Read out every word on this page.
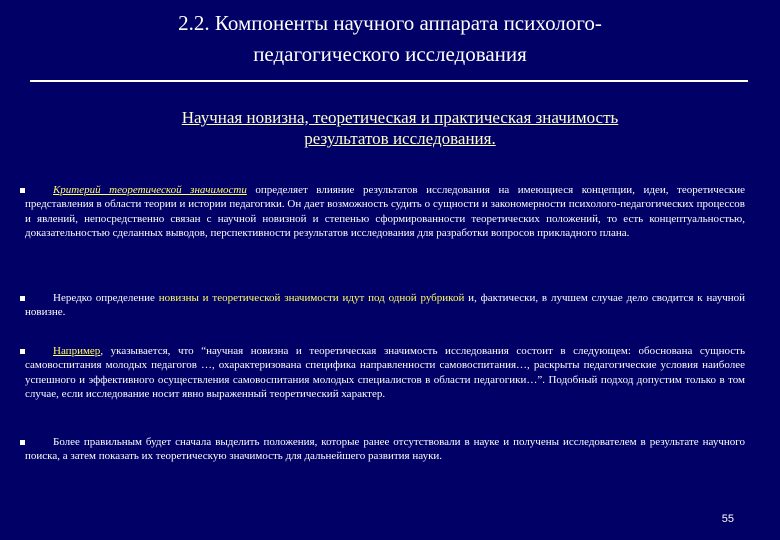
2.2. Компоненты научного аппарата психолого-
педагогического исследования
Научная новизна, теоретическая и практическая значимость
результатов исследования.
Критерий теоретической значимости определяет влияние результатов исследования на имеющиеся концепции, идеи, теоретические представления в области теории и истории педагогики. Он дает возможность судить о сущности и закономерности психолого-педагогических процессов и явлений, непосредственно связан с научной новизной и степенью сформированности теоретических положений, то есть концептуальностью, доказательностью сделанных выводов, перспективности результатов исследования для разработки вопросов прикладного плана.
Нередко определение новизны и теоретической значимости идут под одной рубрикой и, фактически, в лучшем случае дело сводится к научной новизне.
Например, указывается, что “научная новизна и теоретическая значимость исследования состоит в следующем: обоснована сущность самовоспитания молодых педагогов …, охарактеризована специфика направленности самовоспитания…, раскрыты педагогические условия наиболее успешного и эффективного осуществления самовоспитания молодых специалистов в области педагогики…”. Подобный подход допустим только в том случае, если исследование носит явно выраженный теоретический характер.
Более правильным будет сначала выделить положения, которые ранее отсутствовали в науке и получены исследователем в результате научного поиска, а затем показать их теоретическую значимость для дальнейшего развития науки.
55
